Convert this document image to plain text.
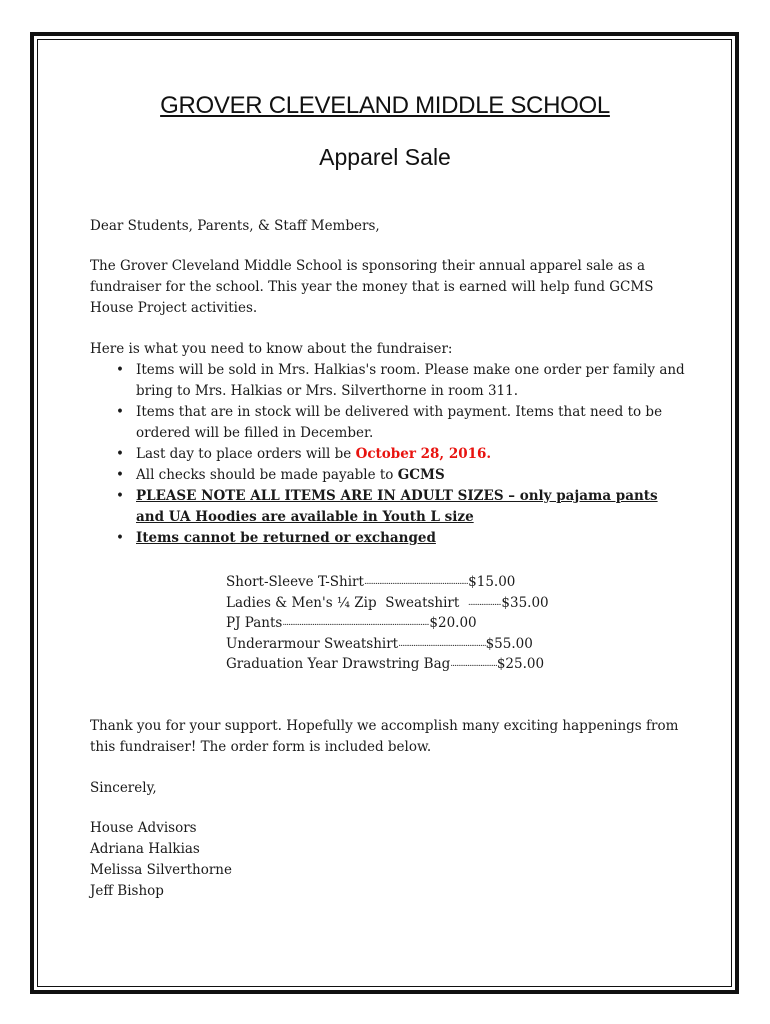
GROVER CLEVELAND MIDDLE SCHOOL
Apparel Sale
Dear Students, Parents, & Staff Members,
The Grover Cleveland Middle School is sponsoring their annual apparel sale as a fundraiser for the school. This year the money that is earned will help fund GCMS House Project activities.
Here is what you need to know about the fundraiser:
• Items will be sold in Mrs. Halkias's room. Please make one order per family and bring to Mrs. Halkias or Mrs. Silverthorne in room 311.
• Items that are in stock will be delivered with payment. Items that need to be ordered will be filled in December.
• Last day to place orders will be October 28, 2016.
• All checks should be made payable to GCMS
• PLEASE NOTE ALL ITEMS ARE IN ADULT SIZES – only pajama pants and UA Hoodies are available in Youth L size
• Items cannot be returned or exchanged
Short-Sleeve T-Shirt ........................................................ $15.00
Ladies & Men's ¼ Zip  Sweatshirt .................. $35.00
PJ Pants ............................................................................... $20.00
Underarmour Sweatshirt ............................................... $55.00
Graduation Year Drawstring Bag ......................... $25.00
Thank you for your support. Hopefully we accomplish many exciting happenings from this fundraiser! The order form is included below.
Sincerely,
House Advisors
Adriana Halkias
Melissa Silverthorne
Jeff Bishop
